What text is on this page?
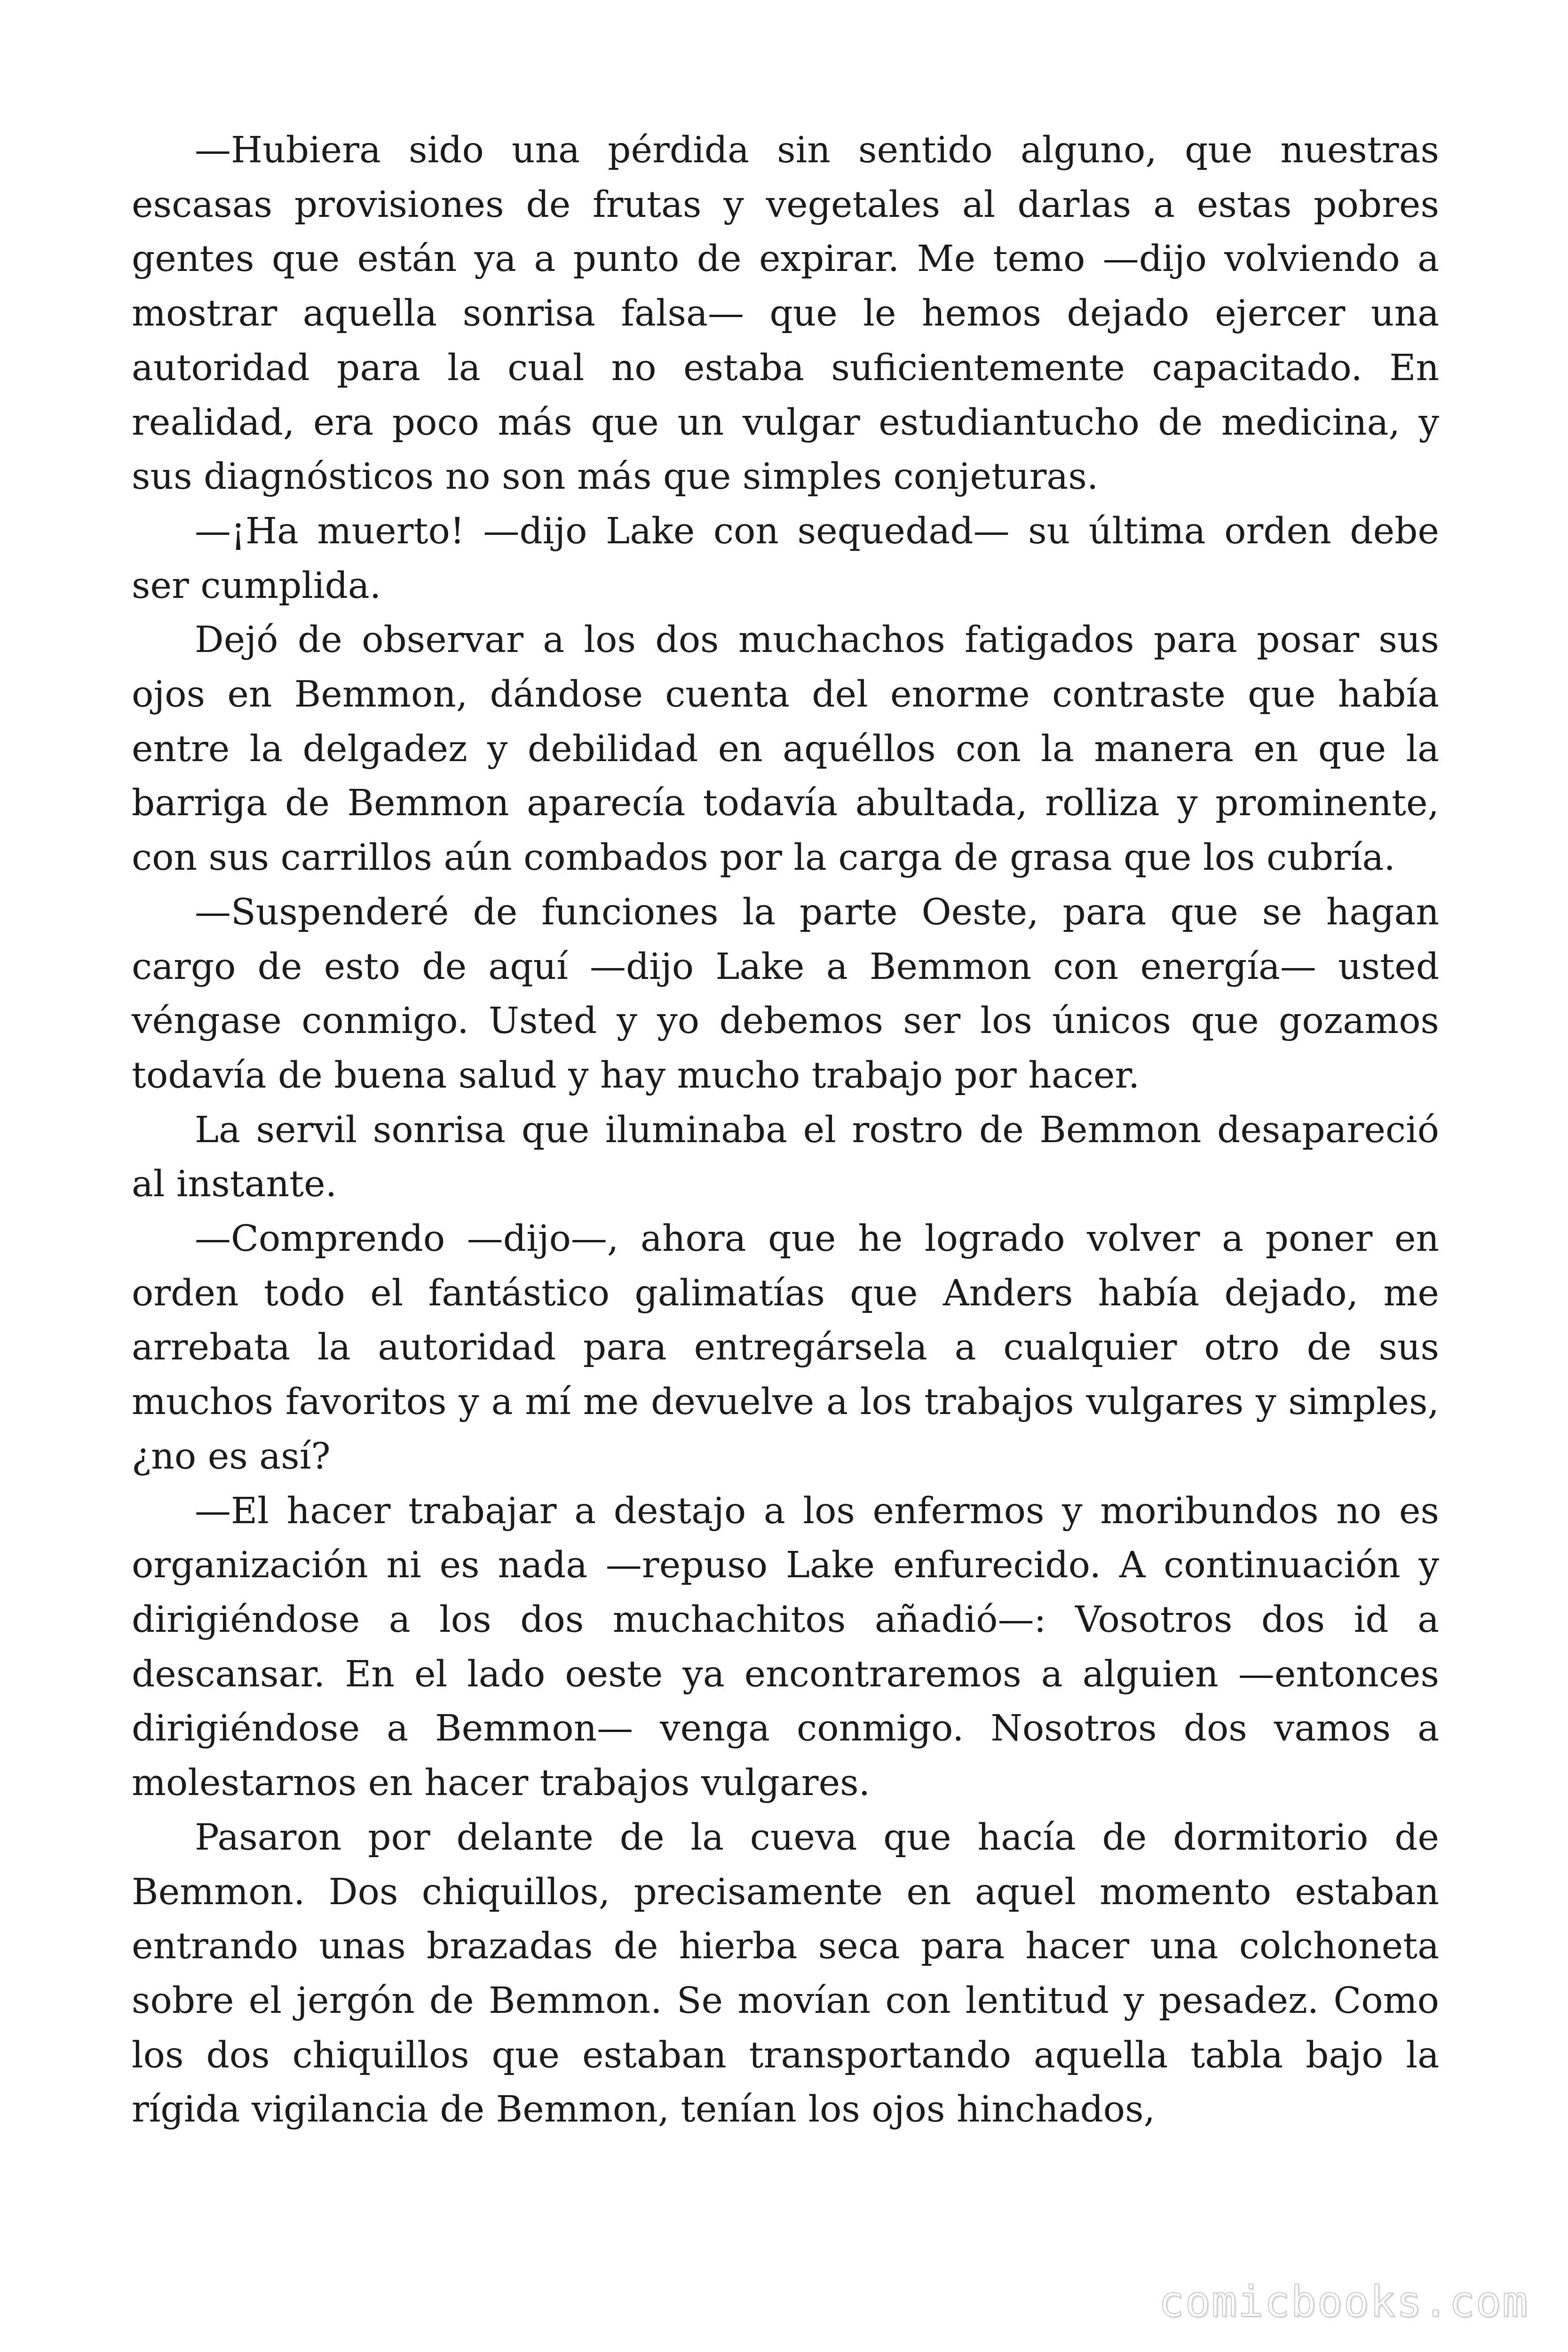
—Hubiera sido una pérdida sin sentido alguno, que nuestras escasas provisiones de frutas y vegetales al darlas a estas pobres gentes que están ya a punto de expirar. Me temo —dijo volviendo a mostrar aquella sonrisa falsa— que le hemos dejado ejercer una autoridad para la cual no estaba suficientemente capacitado. En realidad, era poco más que un vulgar estudiantucho de medicina, y sus diagnósticos no son más que simples conjeturas.

—¡Ha muerto! —dijo Lake con sequedad— su última orden debe ser cumplida.

Dejó de observar a los dos muchachos fatigados para posar sus ojos en Bemmon, dándose cuenta del enorme contraste que había entre la delgadez y debilidad en aquéllos con la manera en que la barriga de Bemmon aparecía todavía abultada, rolliza y prominente, con sus carrillos aún combados por la carga de grasa que los cubría.

—Suspenderé de funciones la parte Oeste, para que se hagan cargo de esto de aquí —dijo Lake a Bemmon con energía— usted véngase conmigo. Usted y yo debemos ser los únicos que gozamos todavía de buena salud y hay mucho trabajo por hacer.

La servil sonrisa que iluminaba el rostro de Bemmon desapareció al instante.

—Comprendo —dijo—, ahora que he logrado volver a poner en orden todo el fantástico galimatías que Anders había dejado, me arrebata la autoridad para entregársela a cualquier otro de sus muchos favoritos y a mí me devuelve a los trabajos vulgares y simples, ¿no es así?

—El hacer trabajar a destajo a los enfermos y moribundos no es organización ni es nada —repuso Lake enfurecido. A continuación y dirigiéndose a los dos muchachitos añadió—: Vosotros dos id a descansar. En el lado oeste ya encontraremos a alguien —entonces dirigiéndose a Bemmon— venga conmigo. Nosotros dos vamos a molestarnos en hacer trabajos vulgares.

Pasaron por delante de la cueva que hacía de dormitorio de Bemmon. Dos chiquillos, precisamente en aquel momento estaban entrando unas brazadas de hierba seca para hacer una colchoneta sobre el jergón de Bemmon. Se movían con lentitud y pesadez. Como los dos chiquillos que estaban transportando aquella tabla bajo la rígida vigilancia de Bemmon, tenían los ojos hinchados,

comicbooks.com
